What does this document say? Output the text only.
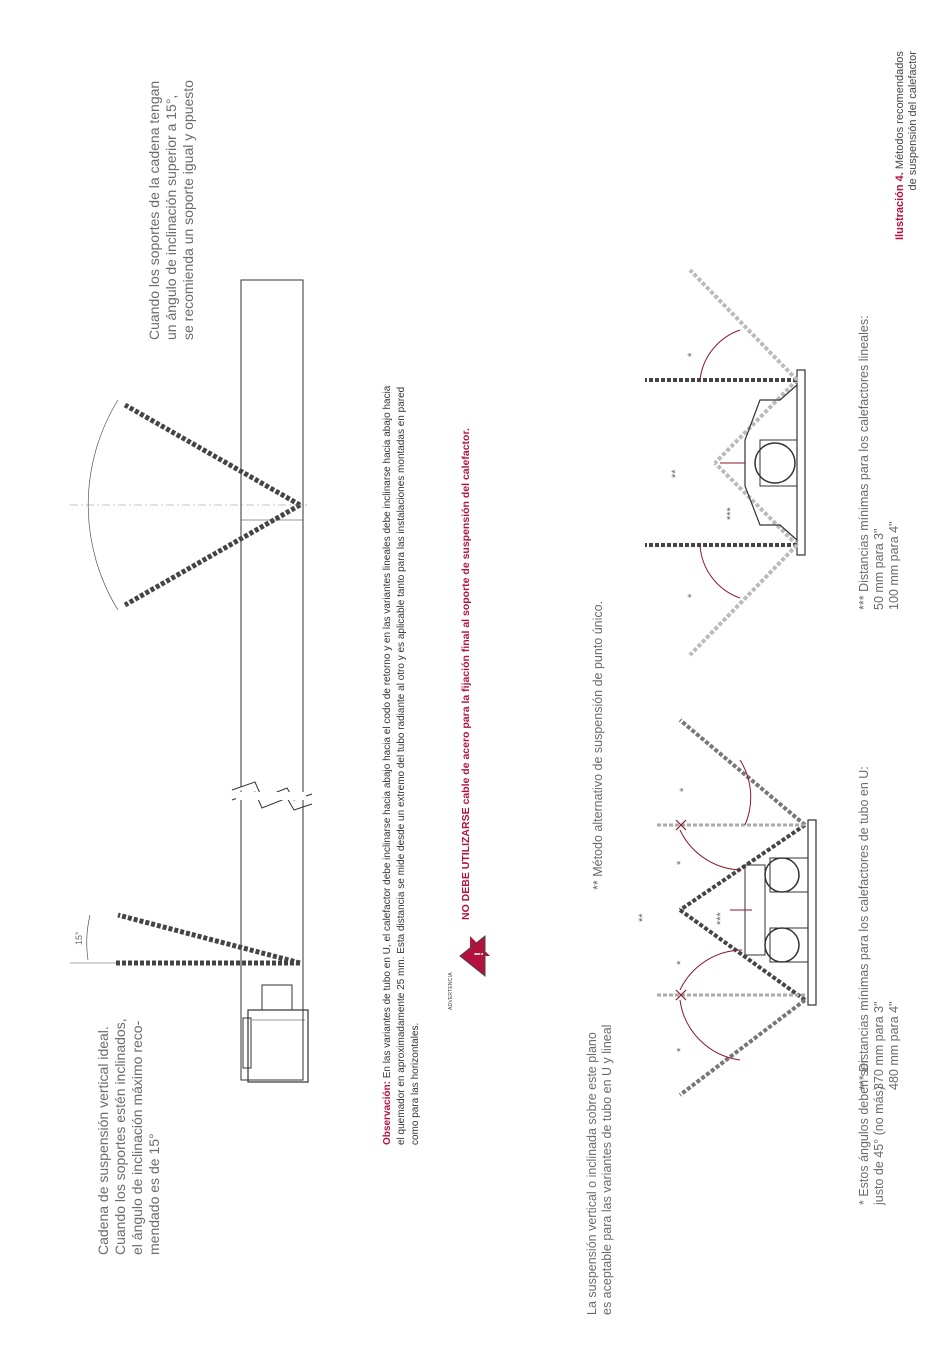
!
15°
Cadena de suspensión vertical ideal. Cuando los soportes estén inclinados, el ángulo de inclinación máximo reco- mendado es de 15°
Cuando los soportes de la cadena tengan un ángulo de inclinación superior a 15°, se recomienda un soporte igual y opuesto
Observación: En las variantes de tubo en U, el calefactor debe inclinarse hacia abajo hacia el codo de retorno y en las variantes lineales debe inclinarse hacia abajo hacia el quemador en aproximadamente 25 mm. Esta distancia se mide desde un extremo del tubo radiante al otro y es aplicable tanto para las instalaciones montadas en pared como para las horizontales.
ADVERTENCIA
NO DEBE UTILIZARSE cable de acero para la fijación final al soporte de suspensión del calefactor.
La suspensión vertical o inclinada sobre este plano es aceptable para las variantes de tubo en U y lineal
** Método alternativo de suspensión de punto único.
**	***
*
*
*
*
**
***
*
*
* Estos ángulos deben ser justo de 45° (no más)
*** Distancias mínimas para los calefactores de tubo en U: 370 mm para 3" 480 mm para 4"
*** Distancias mínimas para los calefactores lineales: 50 mm para 3" 100 mm para 4"
Ilustración 4. Métodos recomendados de suspensión del calefactor
